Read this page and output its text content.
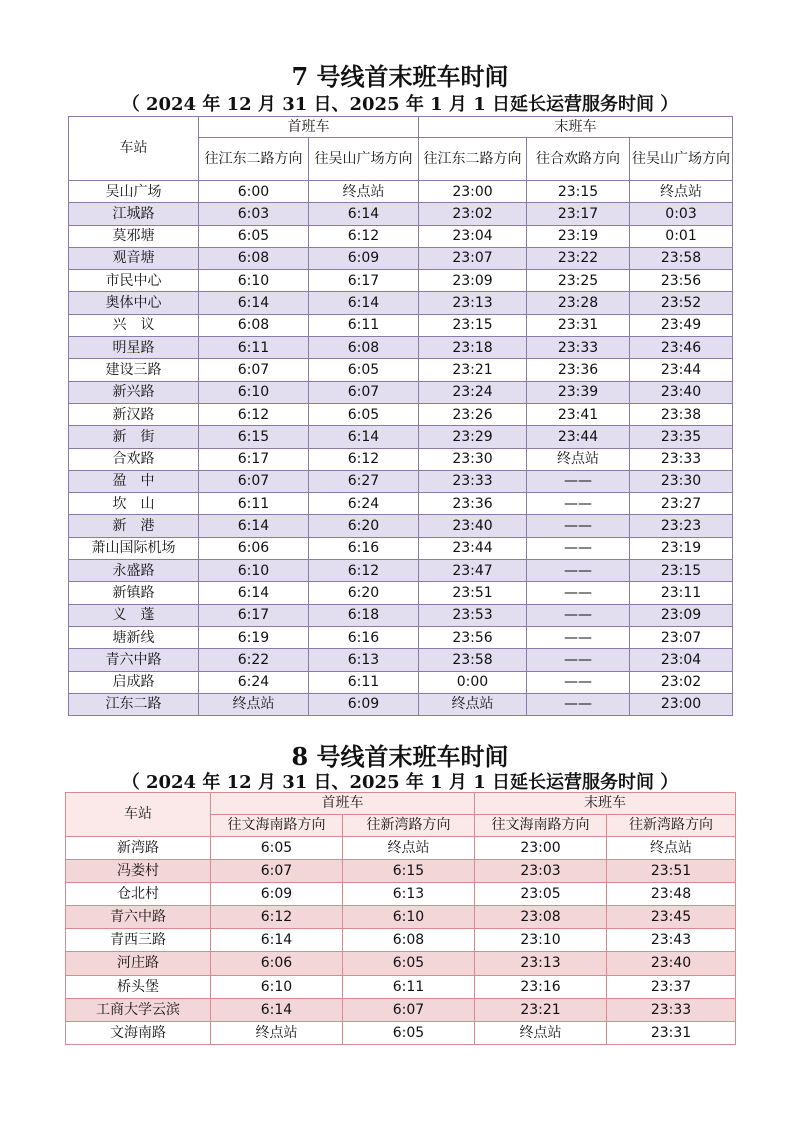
7 号线首末班车时间
（ 2024 年 12 月 31 日、2025 年 1 月 1 日延长运营服务时间 ）
车站	首班车		末班车		
	往江东二路方向	往吴山广场方向	往江东二路方向	往合欢路方向	往吴山广场方向
吴山广场	6:00	终点站	23:00	23:15	终点站
江城路	6:03	6:14	23:02	23:17	0:03
莫邪塘	6:05	6:12	23:04	23:19	0:01
观音塘	6:08	6:09	23:07	23:22	23:58
市民中心	6:10	6:17	23:09	23:25	23:56
奥体中心	6:14	6:14	23:13	23:28	23:52
兴　议	6:08	6:11	23:15	23:31	23:49
明星路	6:11	6:08	23:18	23:33	23:46
建设三路	6:07	6:05	23:21	23:36	23:44
新兴路	6:10	6:07	23:24	23:39	23:40
新汉路	6:12	6:05	23:26	23:41	23:38
新　街	6:15	6:14	23:29	23:44	23:35
合欢路	6:17	6:12	23:30	终点站	23:33
盈　中	6:07	6:27	23:33	——	23:30
坎　山	6:11	6:24	23:36	——	23:27
新　港	6:14	6:20	23:40	——	23:23
萧山国际机场	6:06	6:16	23:44	——	23:19
永盛路	6:10	6:12	23:47	——	23:15
新镇路	6:14	6:20	23:51	——	23:11
义　蓬	6:17	6:18	23:53	——	23:09
塘新线	6:19	6:16	23:56	——	23:07
青六中路	6:22	6:13	23:58	——	23:04
启成路	6:24	6:11	0:00	——	23:02
江东二路	终点站	6:09	终点站	——	23:00
8 号线首末班车时间
（ 2024 年 12 月 31 日、2025 年 1 月 1 日延长运营服务时间 ）
车站	首班车		末班车	
	往文海南路方向	往新湾路方向	往文海南路方向	往新湾路方向
新湾路	6:05	终点站	23:00	终点站
冯娄村	6:07	6:15	23:03	23:51
仓北村	6:09	6:13	23:05	23:48
青六中路	6:12	6:10	23:08	23:45
青西三路	6:14	6:08	23:10	23:43
河庄路	6:06	6:05	23:13	23:40
桥头堡	6:10	6:11	23:16	23:37
工商大学云滨	6:14	6:07	23:21	23:33
文海南路	终点站	6:05	终点站	23:31
